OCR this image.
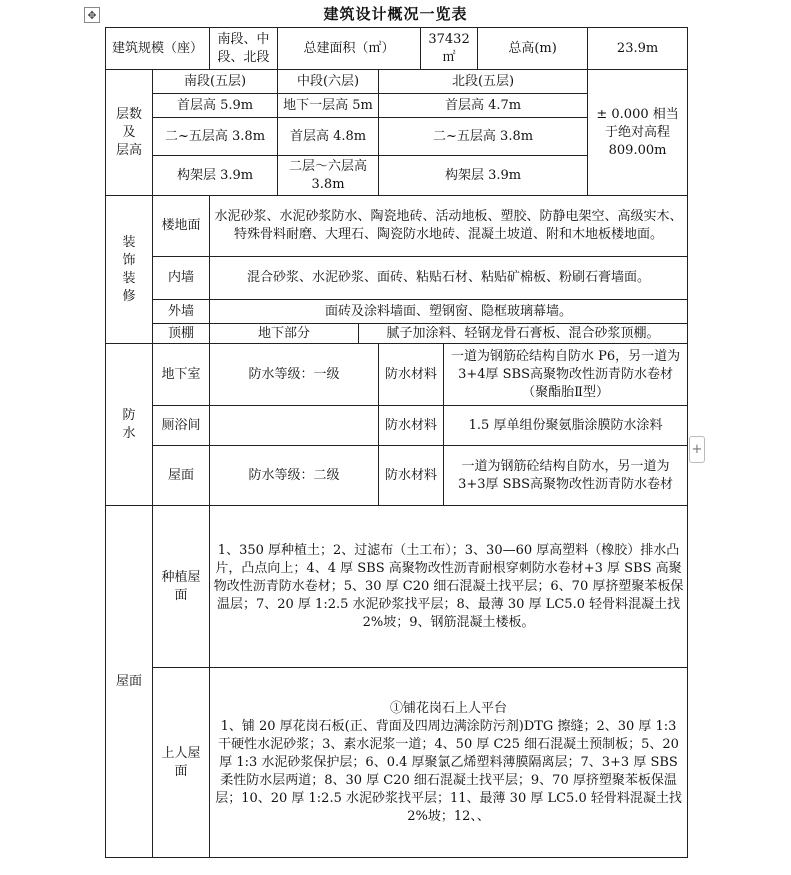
✥	建筑设计概况一览表
+
建筑规模（座）		南段、中段、北段	总建面积（㎡）			37432㎡		总高(m)	23.9m

层数
及
层高	南段(五层)		中段(六层)		北段(五层)				± 0.000 相当于绝对高程 809.00m
	首层高 5.9m		地下一层高 5m		首层高 4.7m				
	二~五层高 3.8m		首层高 4.8m		二~五层高 3.8m				
	构架层 3.9m		二层～六层高 3.8m		构架层 3.9m				

装
饰
装
修	楼地面	水泥砂浆、水泥砂浆防水、陶瓷地砖、活动地板、塑胶、防静电架空、高级实木、特殊骨料耐磨、大理石、陶瓷防水地砖、混凝土坡道、附和木地板楼地面。							
	内墙	混合砂浆、水泥砂浆、面砖、粘贴石材、粘贴矿棉板、粉刷石膏墙面。							
	外墙	面砖及涂料墙面、塑钢窗、隐框玻璃幕墙。							
	顶棚	地下部分		腻子加涂料、轻钢龙骨石膏板、混合砂浆顶棚。					

防
水	地下室	防水等级：一级			防水材料		一道为钢筋砼结构自防水 P6，另一道为 3+4厚 SBS高聚物改性沥青防水卷材（聚酯胎Ⅱ型）		
	厕浴间				防水材料		1.5 厚单组份聚氨脂涂膜防水涂料		
	屋面	防水等级：二级			防水材料		一道为钢筋砼结构自防水，另一道为 3+3厚 SBS高聚物改性沥青防水卷材		
屋面	种植屋面	1、350 厚种植土；2、过滤布（土工布）；3、30—60 厚高塑料（橡胶）排水凸片，凸点向上；4、4 厚 SBS 高聚物改性沥青耐根穿刺防水卷材+3 厚 SBS 高聚物改性沥青防水卷材；5、30 厚 C20 细石混凝土找平层；6、70 厚挤塑聚苯板保温层；7、20 厚 1:2.5 水泥砂浆找平层；8、最薄 30 厚 LC5.0 轻骨料混凝土找 2%坡；9、钢筋混凝土楼板。							
	上人屋面	①铺花岗石上人平台
1、铺 20 厚花岗石板(正、背面及四周边满涂防污剂)DTG 擦缝；2、30 厚 1:3 干硬性水泥砂浆；3、素水泥浆一道；4、50 厚 C25 细石混凝土预制板；5、20 厚 1:3 水泥砂浆保护层；6、0.4 厚聚氯乙烯塑料薄膜隔离层；7、3+3 厚 SBS 柔性防水层两道；8、30 厚 C20 细石混凝土找平层；9、70 厚挤塑聚苯板保温层；10、20 厚 1:2.5 水泥砂浆找平层；11、最薄 30 厚 LC5.0 轻骨料混凝土找 2%坡；12、、							
